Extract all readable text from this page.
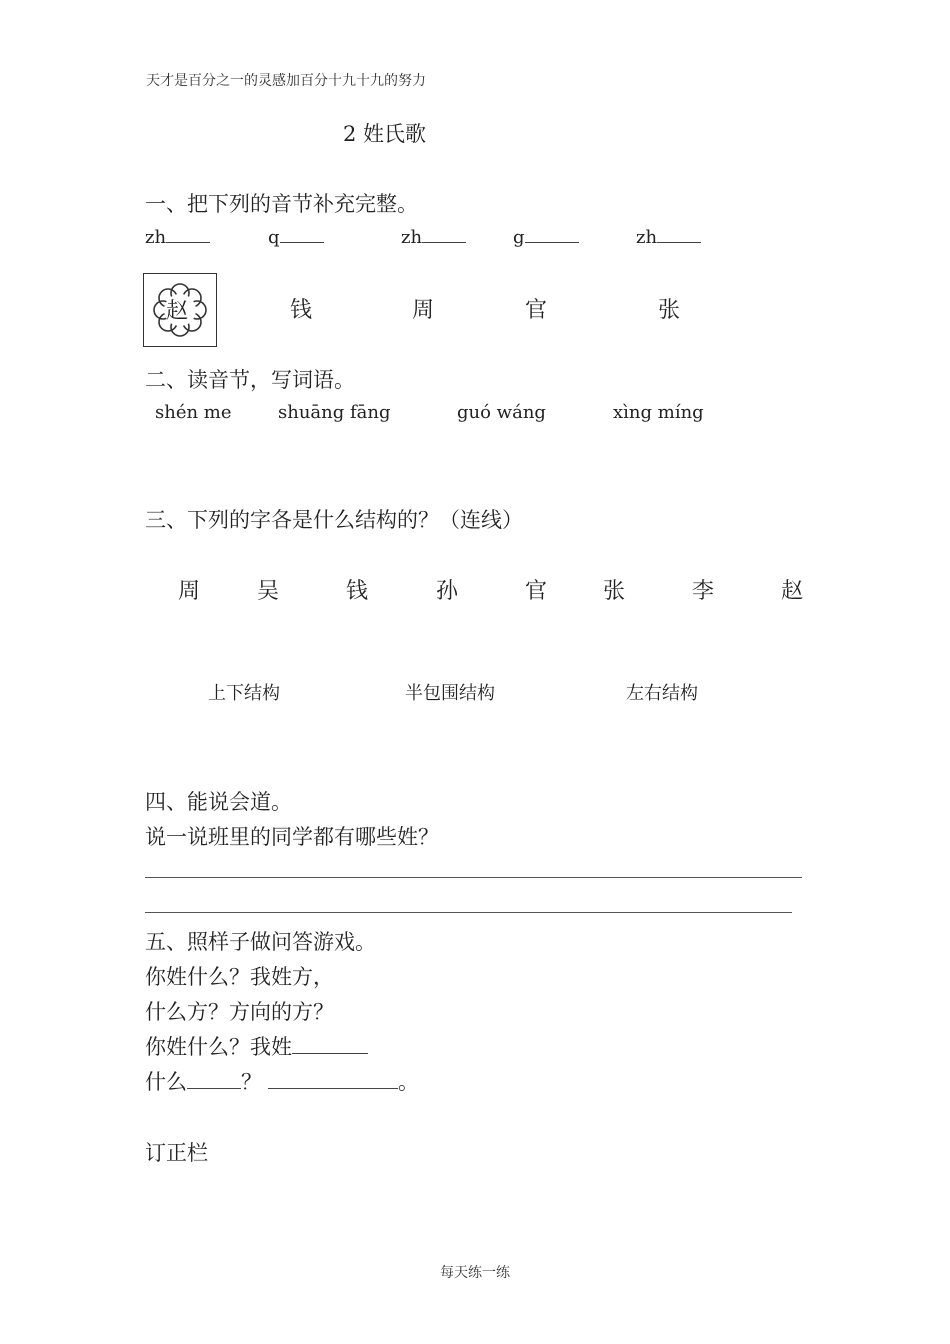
天才是百分之一的灵感加百分十九十九的努力
2 姓氏歌
一、把下列的音节补充完整。
zh	q	zh	g	zh
赵	钱	周	官	张
二、读音节，写词语。
shén me	shuāng fāng	guó wáng	xìng míng
三、下列的字各是什么结构的？（连线）
周	吴	钱	孙	官	张	李	赵
上下结构	半包围结构	左右结构
四、能说会道。
说一说班里的同学都有哪些姓？
五、照样子做问答游戏。
你姓什么？我姓方，
什么方？方向的方？
你姓什么？我姓
什么	？	。
订正栏
每天练一练
